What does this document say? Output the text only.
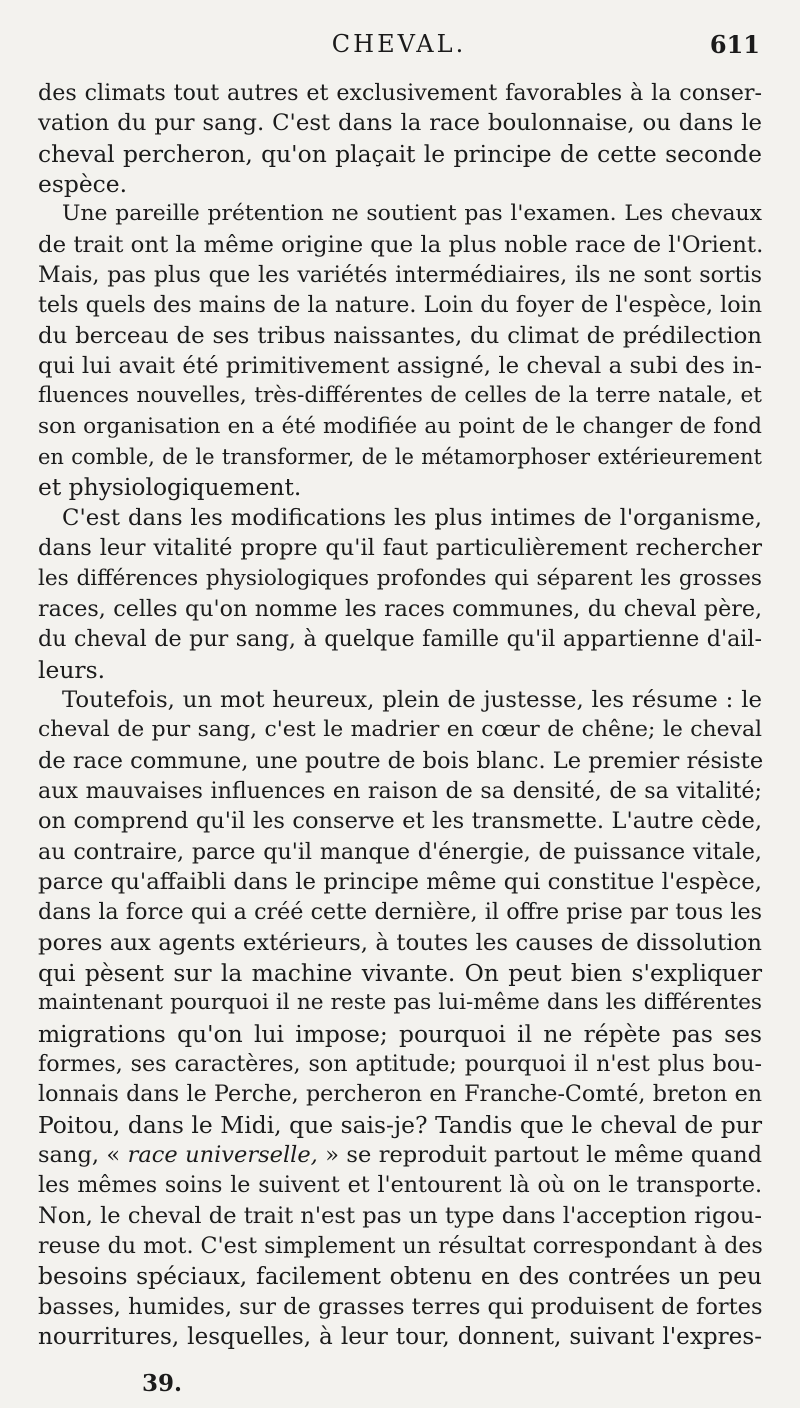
CHEVAL.	611
des climats tout autres et exclusivement favorables à la conser-
vation du pur sang. C'est dans la race boulonnaise, ou dans le
cheval percheron, qu'on plaçait le principe de cette seconde
espèce.
Une pareille prétention ne soutient pas l'examen. Les chevaux
de trait ont la même origine que la plus noble race de l'Orient.
Mais, pas plus que les variétés intermédiaires, ils ne sont sortis
tels quels des mains de la nature. Loin du foyer de l'espèce, loin
du berceau de ses tribus naissantes, du climat de prédilection
qui lui avait été primitivement assigné, le cheval a subi des in-
fluences nouvelles, très-différentes de celles de la terre natale, et
son organisation en a été modifiée au point de le changer de fond
en comble, de le transformer, de le métamorphoser extérieurement
et physiologiquement.
C'est dans les modifications les plus intimes de l'organisme,
dans leur vitalité propre qu'il faut particulièrement rechercher
les différences physiologiques profondes qui séparent les grosses
races, celles qu'on nomme les races communes, du cheval père,
du cheval de pur sang, à quelque famille qu'il appartienne d'ail-
leurs.
Toutefois, un mot heureux, plein de justesse, les résume : le
cheval de pur sang, c'est le madrier en cœur de chêne; le cheval
de race commune, une poutre de bois blanc. Le premier résiste
aux mauvaises influences en raison de sa densité, de sa vitalité;
on comprend qu'il les conserve et les transmette. L'autre cède,
au contraire, parce qu'il manque d'énergie, de puissance vitale,
parce qu'affaibli dans le principe même qui constitue l'espèce,
dans la force qui a créé cette dernière, il offre prise par tous les
pores aux agents extérieurs, à toutes les causes de dissolution
qui pèsent sur la machine vivante. On peut bien s'expliquer
maintenant pourquoi il ne reste pas lui-même dans les différentes
migrations qu'on lui impose; pourquoi il ne répète pas ses
formes, ses caractères, son aptitude; pourquoi il n'est plus bou-
lonnais dans le Perche, percheron en Franche-Comté, breton en
Poitou, dans le Midi, que sais-je? Tandis que le cheval de pur
sang, « race universelle, » se reproduit partout le même quand
les mêmes soins le suivent et l'entourent là où on le transporte.
Non, le cheval de trait n'est pas un type dans l'acception rigou-
reuse du mot. C'est simplement un résultat correspondant à des
besoins spéciaux, facilement obtenu en des contrées un peu
basses, humides, sur de grasses terres qui produisent de fortes
nourritures, lesquelles, à leur tour, donnent, suivant l'expres-
39.
